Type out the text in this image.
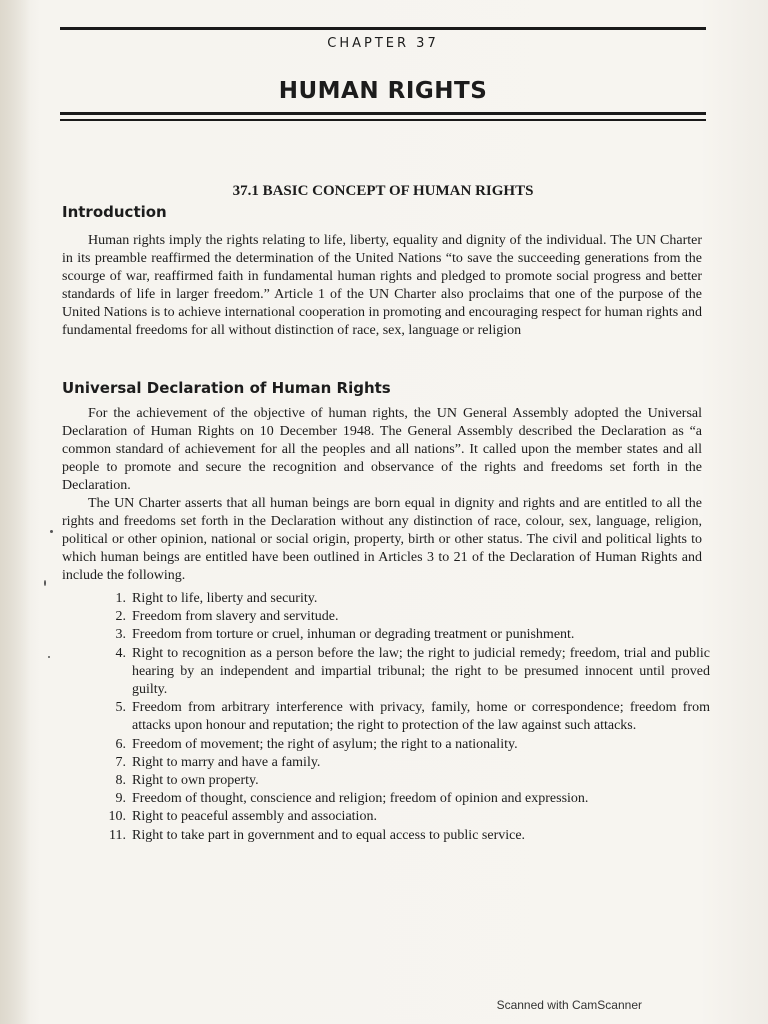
CHAPTER 37
HUMAN RIGHTS
37.1 BASIC CONCEPT OF HUMAN RIGHTS
Introduction
Human rights imply the rights relating to life, liberty, equality and dignity of the individual. The UN Charter in its preamble reaffirmed the determination of the United Nations “to save the succeeding generations from the scourge of war, reaffirmed faith in fundamental human rights and pledged to promote social progress and better standards of life in larger freedom.” Article 1 of the UN Charter also proclaims that one of the purpose of the United Nations is to achieve international cooperation in promoting and encouraging respect for human rights and fundamental freedoms for all without distinction of race, sex, language or religion
Universal Declaration of Human Rights
For the achievement of the objective of human rights, the UN General Assembly adopted the Universal Declaration of Human Rights on 10 December 1948. The General Assembly described the Declaration as “a common standard of achievement for all the peoples and all nations”. It called upon the member states and all people to promote and secure the recognition and observance of the rights and freedoms set forth in the Declaration.
The UN Charter asserts that all human beings are born equal in dignity and rights and are entitled to all the rights and freedoms set forth in the Declaration without any distinction of race, colour, sex, language, religion, political or other opinion, national or social origin, property, birth or other status. The civil and political lights to which human beings are entitled have been outlined in Articles 3 to 21 of the Declaration of Human Rights and include the following.
1. Right to life, liberty and security.
2. Freedom from slavery and servitude.
3. Freedom from torture or cruel, inhuman or degrading treatment or punishment.
4. Right to recognition as a person before the law; the right to judicial remedy; freedom, trial and public hearing by an independent and impartial tribunal; the right to be presumed innocent until proved guilty.
5. Freedom from arbitrary interference with privacy, family, home or correspondence; freedom from attacks upon honour and reputation; the right to protection of the law against such attacks.
6. Freedom of movement; the right of asylum; the right to a nationality.
7. Right to marry and have a family.
8. Right to own property.
9. Freedom of thought, conscience and religion; freedom of opinion and expression.
10. Right to peaceful assembly and association.
11. Right to take part in government and to equal access to public service.
Scanned with CamScanner
